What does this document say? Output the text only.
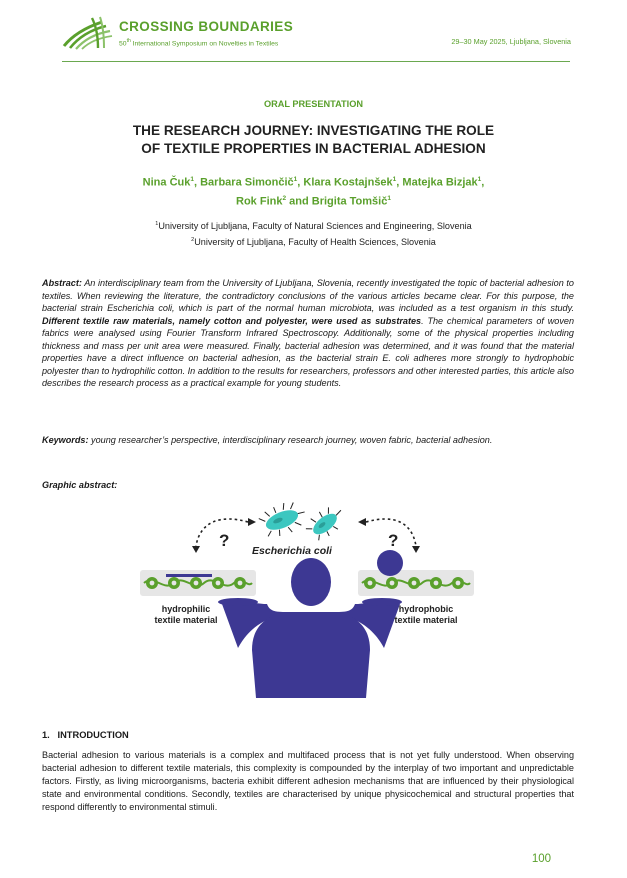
CROSSING BOUNDARIES
50th International Symposium on Novelties in Textiles	29–30 May 2025, Ljubljana, Slovenia
ORAL PRESENTATION
THE RESEARCH JOURNEY: INVESTIGATING THE ROLE
OF TEXTILE PROPERTIES IN BACTERIAL ADHESION
Nina Čuk$^1$, Barbara Simončič$^1$, Klara Kostajnšek$^1$, Matejka Bizjak$^1$,
Rok Fink$^2$ and Brigita Tomšič$^1$
$^1$University of Ljubljana, Faculty of Natural Sciences and Engineering, Slovenia
$^2$University of Ljubljana, Faculty of Health Sciences, Slovenia
Abstract: An interdisciplinary team from the University of Ljubljana, Slovenia, recently investigated the topic of bacterial adhesion to textiles. When reviewing the literature, the contradictory conclusions of the various articles became clear. For this purpose, the bacterial strain Escherichia coli, which is part of the normal human microbiota, was included as a test organism in this study. Different textile raw materials, namely cotton and polyester, were used as substrates. The chemical parameters of woven fabrics were analysed using Fourier Transform Infrared Spectroscopy. Additionally, some of the physical properties including thickness and mass per unit area were measured. Finally, bacterial adhesion was determined, and it was found that the material properties have a direct influence on bacterial adhesion, as the bacterial strain E. coli adheres more strongly to hydrophobic polyester than to hydrophilic cotton. In addition to the results for researchers, professors and other interested parties, this article also describes the research process as a practical example for young students.
Keywords: young researcher’s perspective, interdisciplinary research journey, woven fabric, bacterial adhesion.
Graphic abstract:
?	?
Escherichia coli
hydrophilic
textile material
hydrophobic
textile material
1.   INTRODUCTION
Bacterial adhesion to various materials is a complex and multifaced process that is not yet fully understood. When observing bacterial adhesion to different textile materials, this complexity is compounded by the interplay of two important and unpredictable factors. Firstly, as living microorganisms, bacteria exhibit different adhesion mechanisms that are influenced by their physiological state and environmental conditions. Secondly, textiles are characterised by unique physicochemical and structural properties that respond differently to environmental stimuli.
100
